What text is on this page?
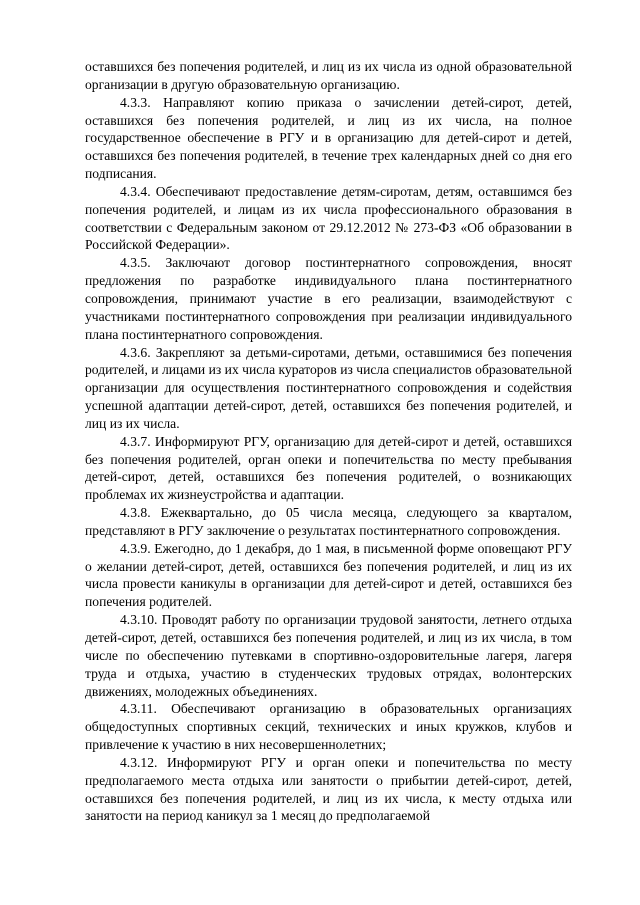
оставшихся без попечения родителей, и лиц из их числа из одной образовательной организации в другую образовательную организацию.

4.3.3. Направляют копию приказа о зачислении детей-сирот, детей, оставшихся без попечения родителей, и лиц из их числа, на полное государственное обеспечение в РГУ и в организацию для детей-сирот и детей, оставшихся без попечения родителей, в течение трех календарных дней со дня его подписания.

4.3.4. Обеспечивают предоставление детям-сиротам, детям, оставшимся без попечения родителей, и лицам из их числа профессионального образования в соответствии с Федеральным законом от 29.12.2012 № 273-ФЗ «Об образовании в Российской Федерации».

4.3.5. Заключают договор постинтернатного сопровождения, вносят предложения по разработке индивидуального плана постинтернатного сопровождения, принимают участие в его реализации, взаимодействуют с участниками постинтернатного сопровождения при реализации индивидуального плана постинтернатного сопровождения.

4.3.6. Закрепляют за детьми-сиротами, детьми, оставшимися без попечения родителей, и лицами из их числа кураторов из числа специалистов образовательной организации для осуществления постинтернатного сопровождения и содействия успешной адаптации детей-сирот, детей, оставшихся без попечения родителей, и лиц из их числа.

4.3.7. Информируют РГУ, организацию для детей-сирот и детей, оставшихся без попечения родителей, орган опеки и попечительства по месту пребывания детей-сирот, детей, оставшихся без попечения родителей, о возникающих проблемах их жизнеустройства и адаптации.

4.3.8. Ежеквартально, до 05 числа месяца, следующего за кварталом, представляют в РГУ заключение о результатах постинтернатного сопровождения.

4.3.9. Ежегодно, до 1 декабря, до 1 мая, в письменной форме оповещают РГУ о желании детей-сирот, детей, оставшихся без попечения родителей, и лиц из их числа провести каникулы в организации для детей-сирот и детей, оставшихся без попечения родителей.

4.3.10. Проводят работу по организации трудовой занятости, летнего отдыха детей-сирот, детей, оставшихся без попечения родителей, и лиц из их числа, в том числе по обеспечению путевками в спортивно-оздоровительные лагеря, лагеря труда и отдыха, участию в студенческих трудовых отрядах, волонтерских движениях, молодежных объединениях.

4.3.11. Обеспечивают организацию в образовательных организациях общедоступных спортивных секций, технических и иных кружков, клубов и привлечение к участию в них несовершеннолетних;

4.3.12. Информируют РГУ и орган опеки и попечительства по месту предполагаемого места отдыха или занятости о прибытии детей-сирот, детей, оставшихся без попечения родителей, и лиц из их числа, к месту отдыха или занятости на период каникул за 1 месяц до предполагаемой
